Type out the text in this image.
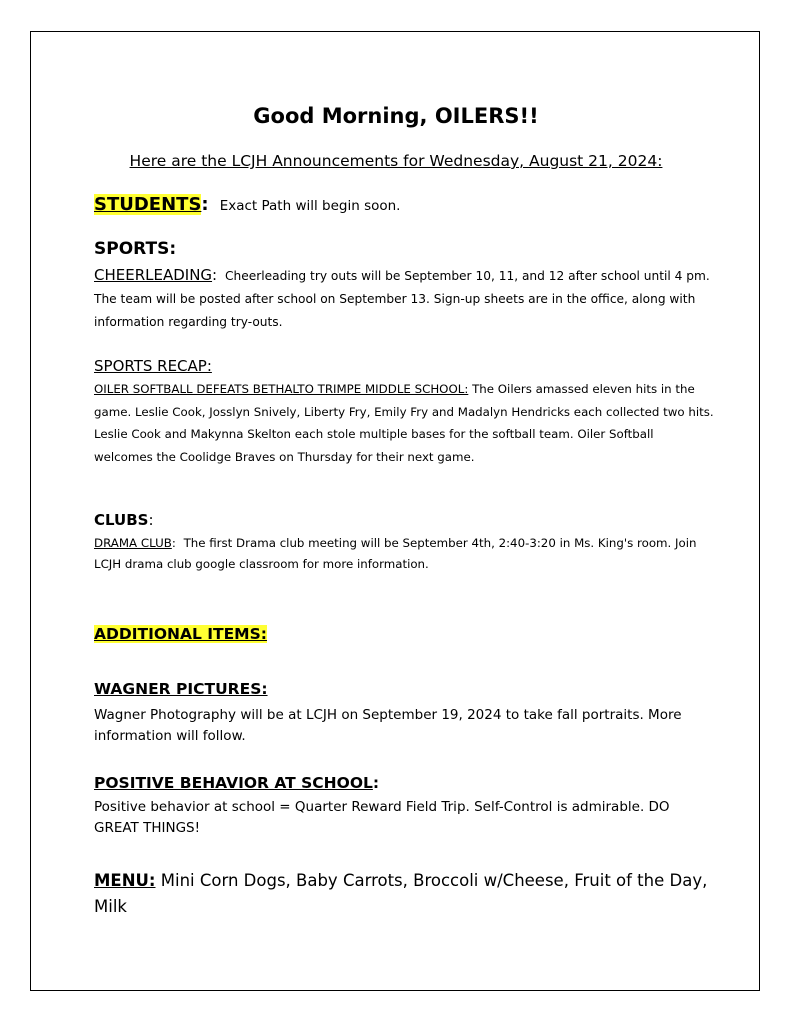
Good Morning, OILERS!!
Here are the LCJH Announcements for Wednesday, August 21, 2024:
STUDENTS: Exact Path will begin soon.
SPORTS:
CHEERLEADING: Cheerleading try outs will be September 10, 11, and 12 after school until 4 pm. The team will be posted after school on September 13. Sign-up sheets are in the office, along with information regarding try-outs.
SPORTS RECAP:
OILER SOFTBALL DEFEATS BETHALTO TRIMPE MIDDLE SCHOOL: The Oilers amassed eleven hits in the game. Leslie Cook, Josslyn Snively, Liberty Fry, Emily Fry and Madalyn Hendricks each collected two hits. Leslie Cook and Makynna Skelton each stole multiple bases for the softball team. Oiler Softball welcomes the Coolidge Braves on Thursday for their next game.
CLUBS:
DRAMA CLUB: The first Drama club meeting will be September 4th, 2:40-3:20 in Ms. King's room. Join LCJH drama club google classroom for more information.
ADDITIONAL ITEMS:
WAGNER PICTURES:
Wagner Photography will be at LCJH on September 19, 2024 to take fall portraits. More information will follow.
POSITIVE BEHAVIOR AT SCHOOL:
Positive behavior at school = Quarter Reward Field Trip. Self-Control is admirable. DO GREAT THINGS!
MENU: Mini Corn Dogs, Baby Carrots, Broccoli w/Cheese, Fruit of the Day, Milk
